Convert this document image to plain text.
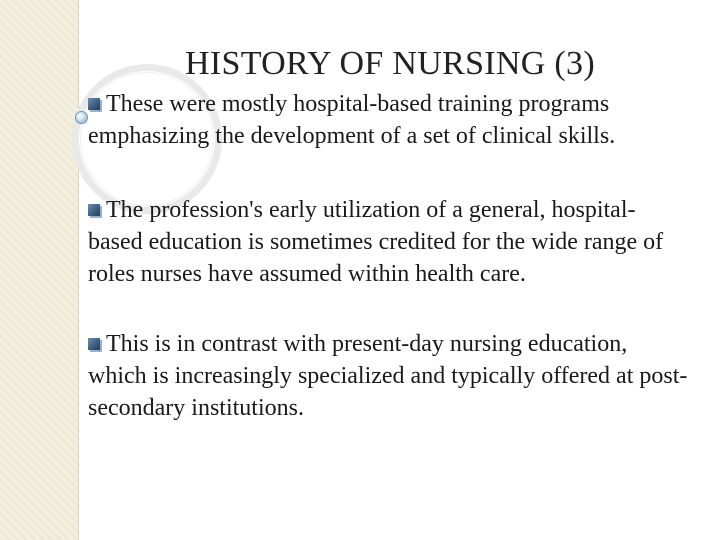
HISTORY OF NURSING (3)
These were mostly hospital-based training programs emphasizing the development of a set of clinical skills.
The profession's early utilization of a general, hospital-based education is sometimes credited for the wide range of roles nurses have assumed within health care.
This is in contrast with present-day nursing education, which is increasingly specialized and typically offered at post-secondary institutions.
